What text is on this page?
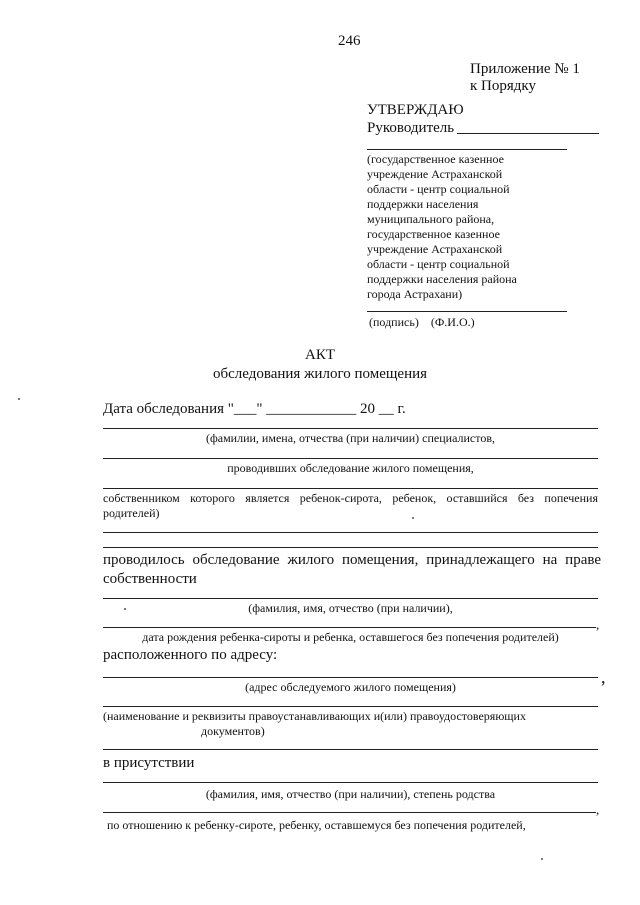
246
Приложение № 1
к Порядку
УТВЕРЖДАЮ
Руководитель
(государственное казенное
учреждение Астраханской
области - центр социальной
поддержки населения
муниципального района,
государственное казенное
учреждение Астраханской
области - центр социальной
поддержки населения района
города Астрахани)
(подпись)    (Ф.И.О.)
АКТ
обследования жилого помещения
Дата обследования "___" ____________ 20 __ г.
(фамилии, имена, отчества (при наличии) специалистов,
проводивших обследование жилого помещения,
собственником которого является ребенок-сирота, ребенок, оставшийся без попечения родителей)
проводилось обследование жилого помещения, принадлежащего на праве собственности
(фамилия, имя, отчество (при наличии),
,
дата рождения ребенка-сироты и ребенка, оставшегося без попечения родителей)
расположенного по адресу:
,
(адрес обследуемого жилого помещения)
(наименование и реквизиты правоустанавливающих и(или) правоудостоверяющих
документов)
в присутствии
(фамилия, имя, отчество (при наличии), степень родства
,
по отношению к ребенку-сироте, ребенку, оставшемуся без попечения родителей,
